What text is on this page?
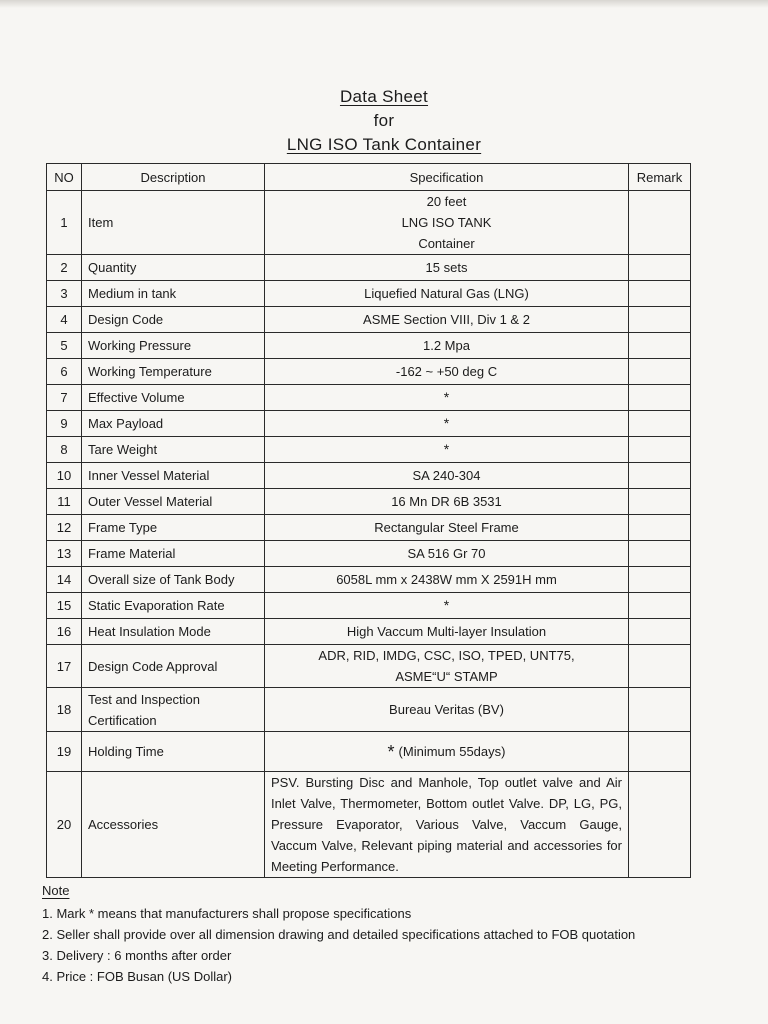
Data Sheet
for
LNG ISO Tank Container
NO	Description	Specification	Remark
1	Item	20 feet
LNG ISO TANK
Container	

2	Quantity	15 sets	
3	Medium in tank	Liquefied Natural Gas (LNG)	
4	Design Code	ASME Section VIII, Div 1 & 2	
5	Working Pressure	1.2 Mpa	
6	Working Temperature	-162 ~ +50 deg C	
7	Effective Volume	*	
9	Max Payload	*	
8	Tare Weight	*	
10	Inner Vessel Material	SA 240-304	
11	Outer Vessel Material	16 Mn DR 6B 3531	
12	Frame Type	Rectangular Steel Frame	
13	Frame Material	SA 516 Gr 70	
14	Overall size of Tank Body	6058L mm x 2438W mm X 2591H mm	
15	Static Evaporation Rate	*	
16	Heat Insulation Mode	High Vaccum Multi-layer Insulation	
17	Design Code Approval	ADR, RID, IMDG, CSC, ISO, TPED, UNT75,
ASME“U“ STAMP	

18	Test and Inspection Certification	Bureau Veritas (BV)	
19	Holding Time	* (Minimum 55days)	
20	Accessories	PSV. Bursting Disc and Manhole, Top outlet valve and Air Inlet Valve, Thermometer, Bottom outlet Valve. DP, LG, PG, Pressure Evaporator, Various Valve, Vaccum Gauge, Vaccum Valve, Relevant piping material and accessories for Meeting Performance.	
Note
1. Mark * means that manufacturers shall propose specifications
2. Seller shall provide over all dimension drawing and detailed specifications attached to FOB quotation
3. Delivery : 6 months after order
4. Price : FOB Busan (US Dollar)
